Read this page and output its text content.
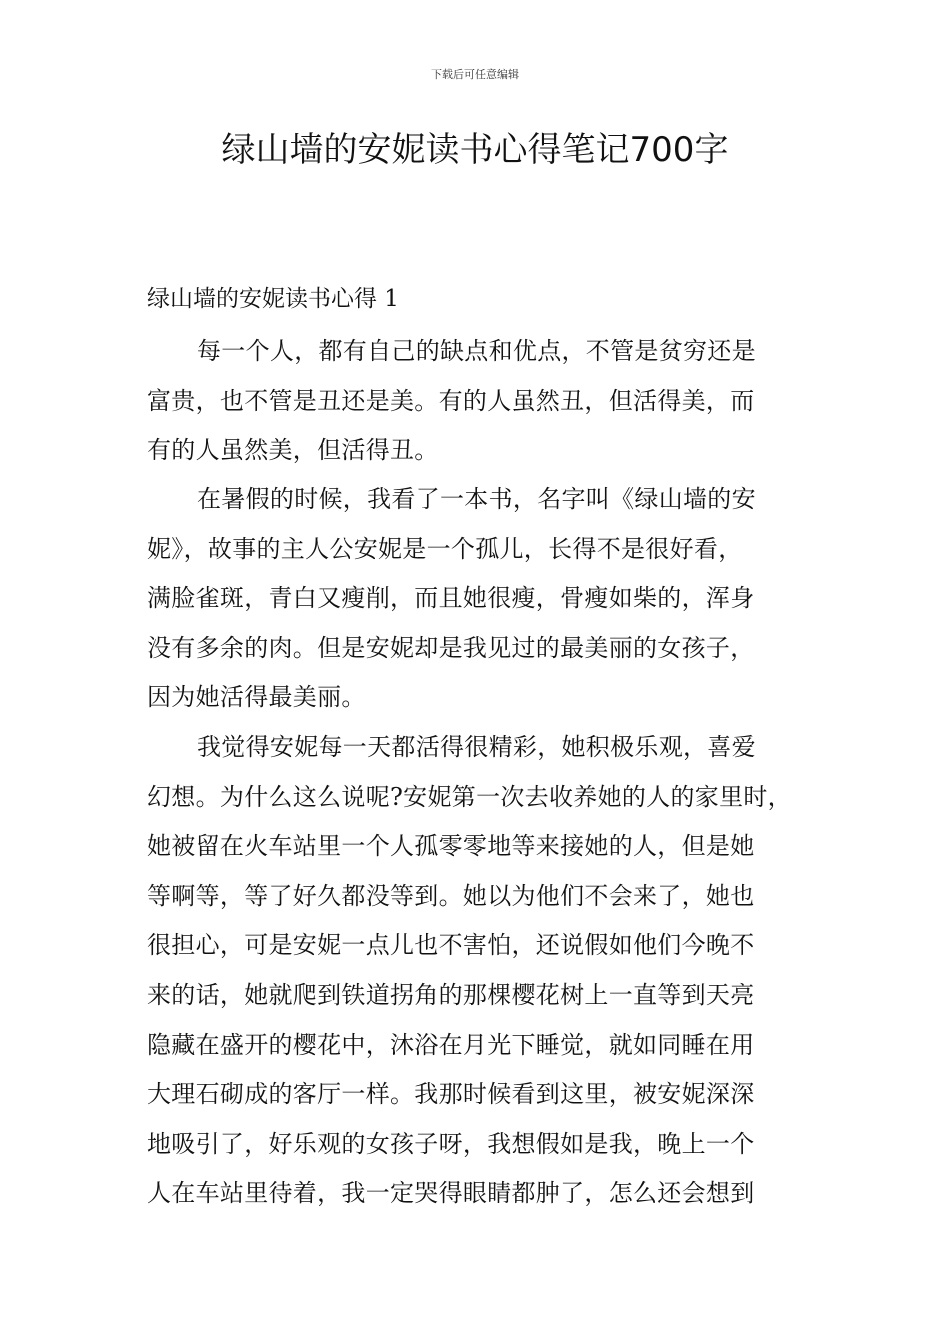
下载后可任意编辑
绿山墙的安妮读书心得笔记700字
绿山墙的安妮读书心得 1
每一个人，都有自己的缺点和优点，不管是贫穷还是
富贵，也不管是丑还是美。有的人虽然丑，但活得美，而
有的人虽然美，但活得丑。
在暑假的时候，我看了一本书，名字叫《绿山墙的安
妮》，故事的主人公安妮是一个孤儿，长得不是很好看，
满脸雀斑，青白又瘦削，而且她很瘦，骨瘦如柴的，浑身
没有多余的肉。但是安妮却是我见过的最美丽的女孩子，
因为她活得最美丽。
我觉得安妮每一天都活得很精彩，她积极乐观，喜爱
幻想。为什么这么说呢?安妮第一次去收养她的人的家里时，
她被留在火车站里一个人孤零零地等来接她的人，但是她
等啊等，等了好久都没等到。她以为他们不会来了，她也
很担心，可是安妮一点儿也不害怕，还说假如他们今晚不
来的话，她就爬到铁道拐角的那棵樱花树上一直等到天亮
隐藏在盛开的樱花中，沐浴在月光下睡觉，就如同睡在用
大理石砌成的客厅一样。我那时候看到这里，被安妮深深
地吸引了，好乐观的女孩子呀，我想假如是我，晚上一个
人在车站里待着，我一定哭得眼睛都肿了，怎么还会想到
